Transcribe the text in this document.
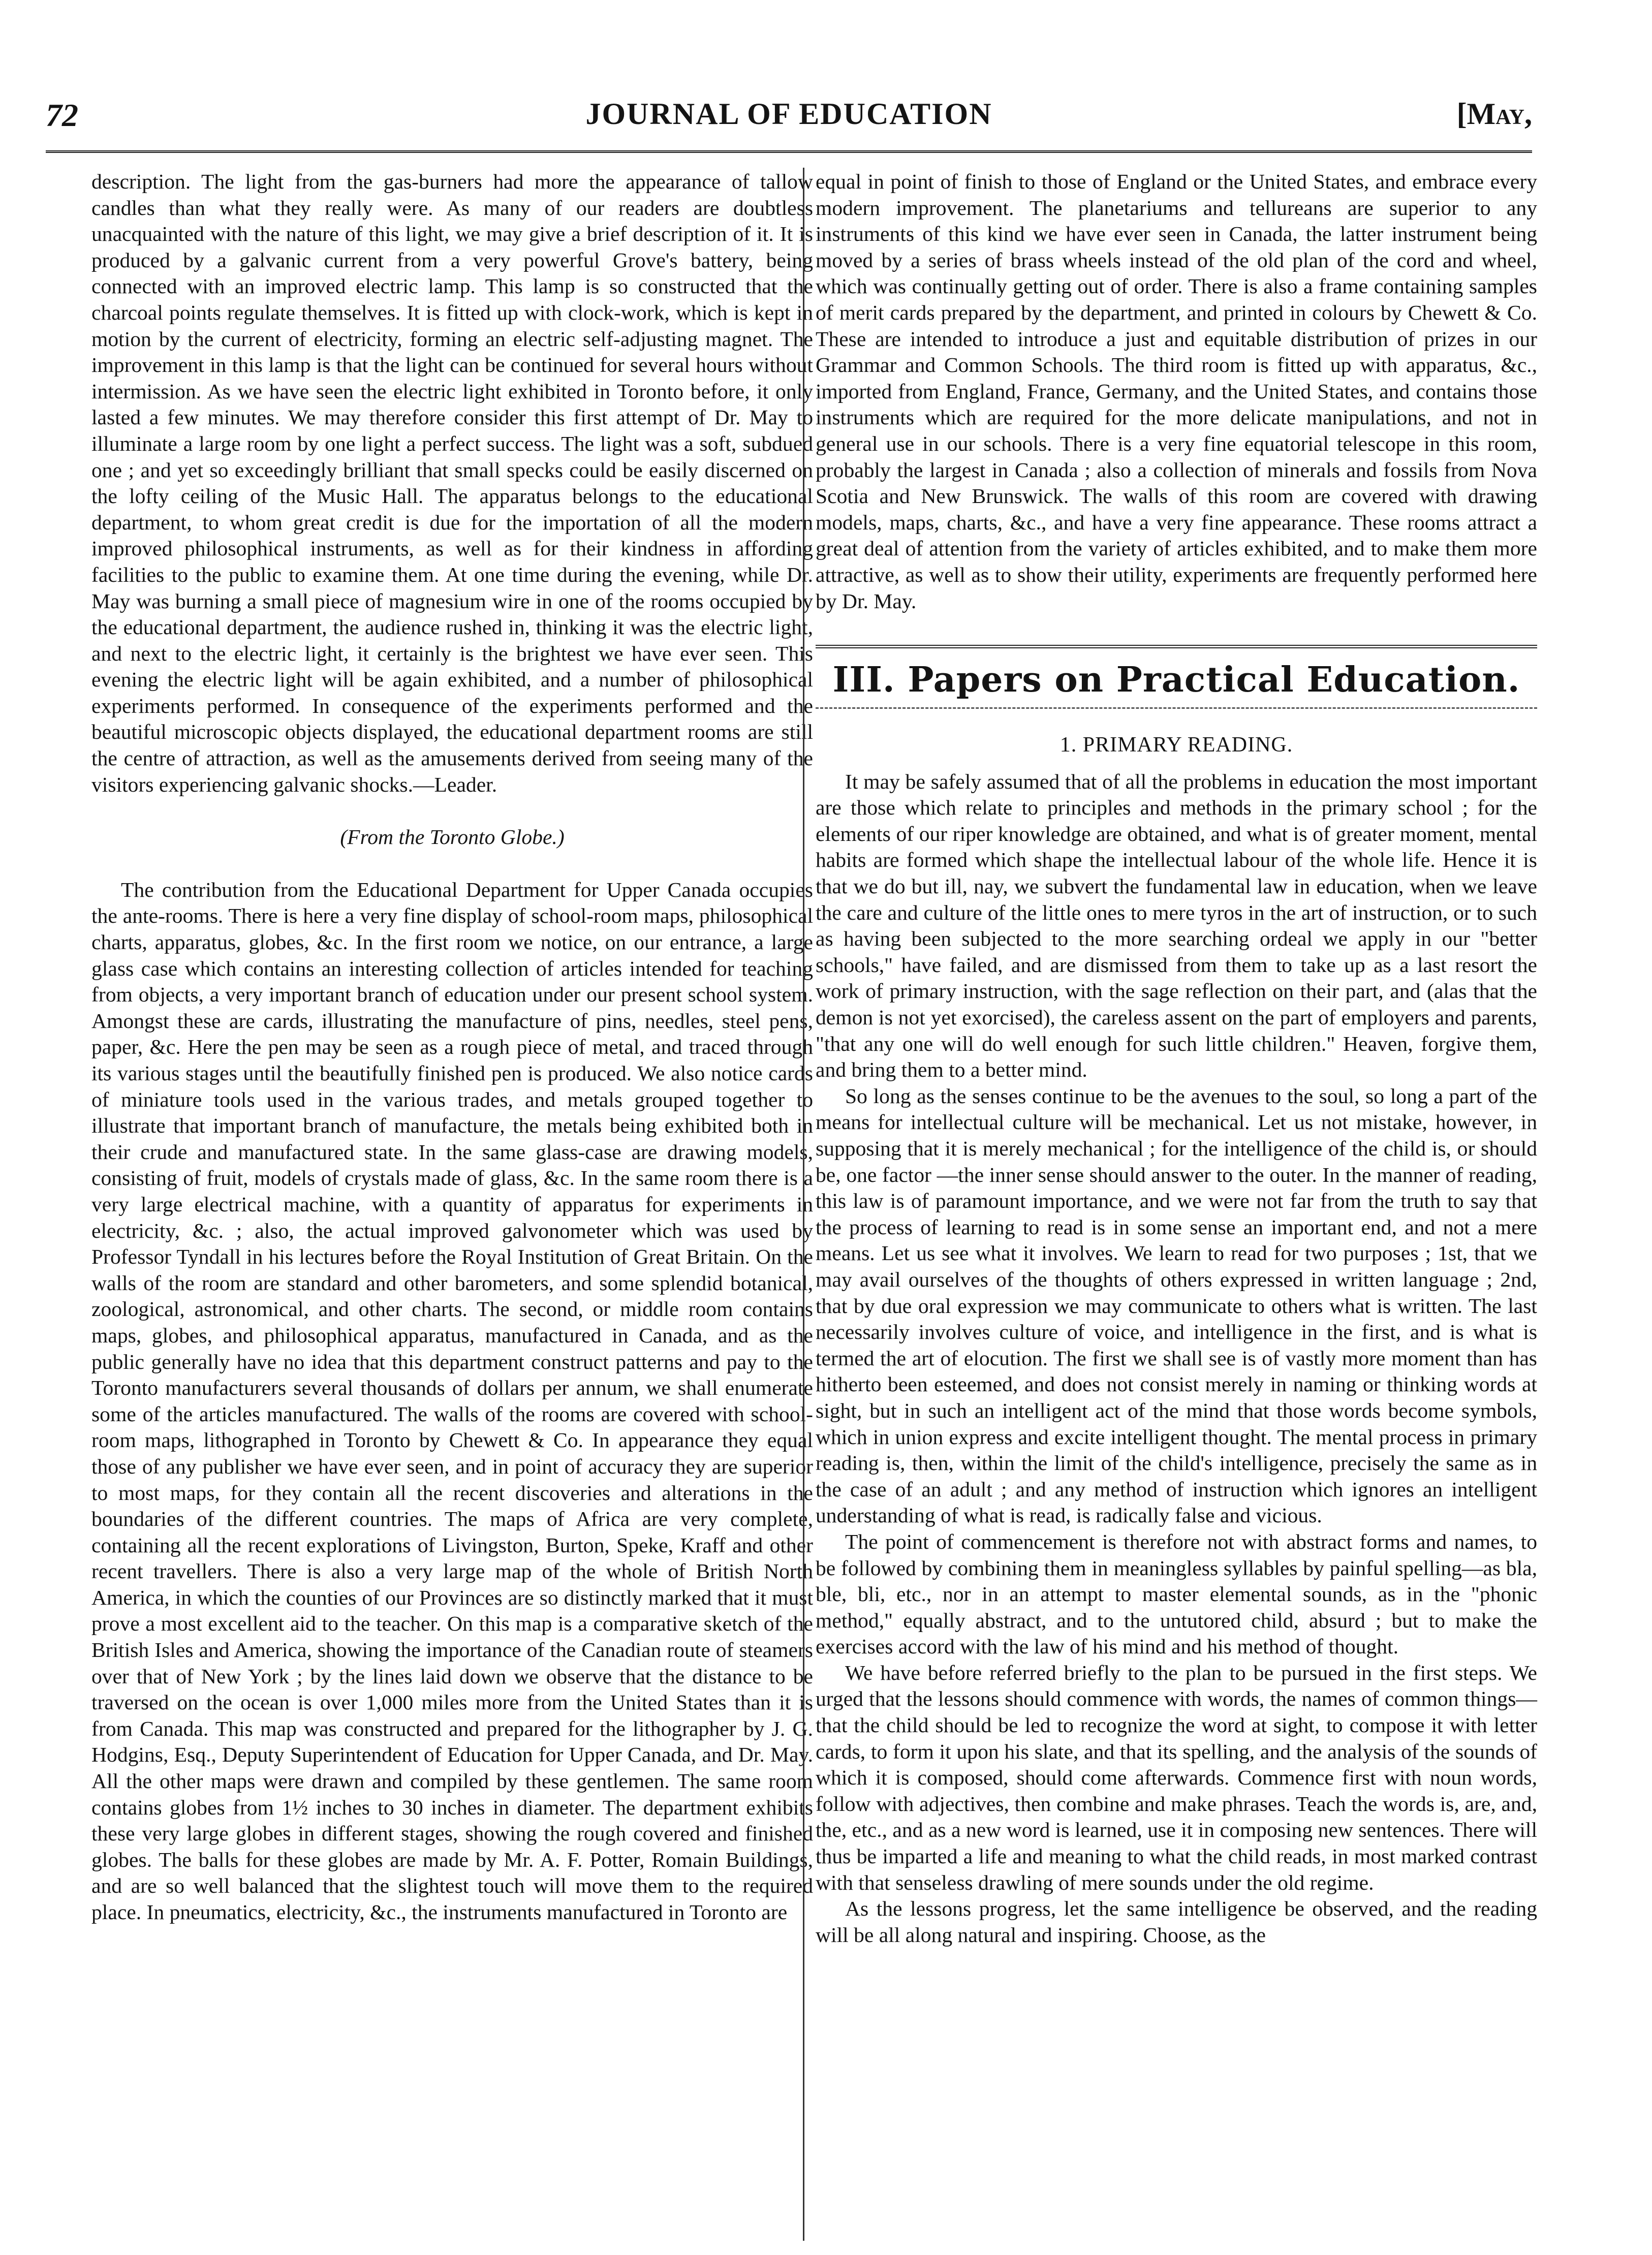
72	JOURNAL OF EDUCATION	[May,

description. The light from the gas-burners had more the appearance of tallow candles than what they really were. As many of our readers are doubtless unacquainted with the nature of this light, we may give a brief description of it. It is produced by a galvanic current from a very powerful Grove's battery, being connected with an improved electric lamp. This lamp is so constructed that the charcoal points regulate themselves. It is fitted up with clock-work, which is kept in motion by the current of electricity, forming an electric self-adjusting magnet. The improvement in this lamp is that the light can be continued for several hours without intermission. As we have seen the electric light exhibited in Toronto before, it only lasted a few minutes. We may therefore consider this first attempt of Dr. May to illuminate a large room by one light a perfect success. The light was a soft, subdued one ; and yet so exceedingly brilliant that small specks could be easily discerned on the lofty ceiling of the Music Hall. The apparatus belongs to the educational department, to whom great credit is due for the importation of all the modern improved philosophical instruments, as well as for their kindness in affording facilities to the public to examine them. At one time during the evening, while Dr. May was burning a small piece of magnesium wire in one of the rooms occupied by the educational department, the audience rushed in, thinking it was the electric light, and next to the electric light, it certainly is the brightest we have ever seen. This evening the electric light will be again exhibited, and a number of philosophical experiments performed. In consequence of the experiments performed and the beautiful microscopic objects displayed, the educational department rooms are still the centre of attraction, as well as the amusements derived from seeing many of the visitors experiencing galvanic shocks.—Leader.

(From the Toronto Globe.)

The contribution from the Educational Department for Upper Canada occupies the ante-rooms. There is here a very fine display of school-room maps, philosophical charts, apparatus, globes, &c. In the first room we notice, on our entrance, a large glass case which contains an interesting collection of articles intended for teaching from objects, a very important branch of education under our present school system. Amongst these are cards, illustrating the manufacture of pins, needles, steel pens, paper, &c. Here the pen may be seen as a rough piece of metal, and traced through its various stages until the beautifully finished pen is produced. We also notice cards of miniature tools used in the various trades, and metals grouped together to illustrate that important branch of manufacture, the metals being exhibited both in their crude and manufactured state. In the same glass-case are drawing models, consisting of fruit, models of crystals made of glass, &c. In the same room there is a very large electrical machine, with a quantity of apparatus for experiments in electricity, &c. ; also, the actual improved galvonometer which was used by Professor Tyndall in his lectures before the Royal Institution of Great Britain. On the walls of the room are standard and other barometers, and some splendid botanical, zoological, astronomical, and other charts. The second, or middle room contains maps, globes, and philosophical apparatus, manufactured in Canada, and as the public generally have no idea that this department construct patterns and pay to the Toronto manufacturers several thousands of dollars per annum, we shall enumerate some of the articles manufactured. The walls of the rooms are covered with school-room maps, lithographed in Toronto by Chewett & Co. In appearance they equal those of any publisher we have ever seen, and in point of accuracy they are superior to most maps, for they contain all the recent discoveries and alterations in the boundaries of the different countries. The maps of Africa are very complete, containing all the recent explorations of Livingston, Burton, Speke, Kraff and other recent travellers. There is also a very large map of the whole of British North America, in which the counties of our Provinces are so distinctly marked that it must prove a most excellent aid to the teacher. On this map is a comparative sketch of the British Isles and America, showing the importance of the Canadian route of steamers over that of New York ; by the lines laid down we observe that the distance to be traversed on the ocean is over 1,000 miles more from the United States than it is from Canada. This map was constructed and prepared for the lithographer by J. G. Hodgins, Esq., Deputy Superintendent of Education for Upper Canada, and Dr. May. All the other maps were drawn and compiled by these gentlemen. The same room contains globes from 1½ inches to 30 inches in diameter. The department exhibits these very large globes in different stages, showing the rough covered and finished globes. The balls for these globes are made by Mr. A. F. Potter, Romain Buildings, and are so well balanced that the slightest touch will move them to the required place. In pneumatics, electricity, &c., the instruments manufactured in Toronto are

equal in point of finish to those of England or the United States, and embrace every modern improvement. The planetariums and tellureans are superior to any instruments of this kind we have ever seen in Canada, the latter instrument being moved by a series of brass wheels instead of the old plan of the cord and wheel, which was continually getting out of order. There is also a frame containing samples of merit cards prepared by the department, and printed in colours by Chewett & Co. These are intended to introduce a just and equitable distribution of prizes in our Grammar and Common Schools. The third room is fitted up with apparatus, &c., imported from England, France, Germany, and the United States, and contains those instruments which are required for the more delicate manipulations, and not in general use in our schools. There is a very fine equatorial telescope in this room, probably the largest in Canada ; also a collection of minerals and fossils from Nova Scotia and New Brunswick. The walls of this room are covered with drawing models, maps, charts, &c., and have a very fine appearance. These rooms attract a great deal of attention from the variety of articles exhibited, and to make them more attractive, as well as to show their utility, experiments are frequently performed here by Dr. May.

III. Papers on Practical Education.
1. PRIMARY READING.

It may be safely assumed that of all the problems in education the most important are those which relate to principles and methods in the primary school ; for the elements of our riper knowledge are obtained, and what is of greater moment, mental habits are formed which shape the intellectual labour of the whole life. Hence it is that we do but ill, nay, we subvert the fundamental law in education, when we leave the care and culture of the little ones to mere tyros in the art of instruction, or to such as having been subjected to the more searching ordeal we apply in our "better schools," have failed, and are dismissed from them to take up as a last resort the work of primary instruction, with the sage reflection on their part, and (alas that the demon is not yet exorcised), the careless assent on the part of employers and parents, "that any one will do well enough for such little children." Heaven, forgive them, and bring them to a better mind.

So long as the senses continue to be the avenues to the soul, so long a part of the means for intellectual culture will be mechanical. Let us not mistake, however, in supposing that it is merely mechanical ; for the intelligence of the child is, or should be, one factor —the inner sense should answer to the outer. In the manner of reading, this law is of paramount importance, and we were not far from the truth to say that the process of learning to read is in some sense an important end, and not a mere means. Let us see what it involves. We learn to read for two purposes ; 1st, that we may avail ourselves of the thoughts of others expressed in written language ; 2nd, that by due oral expression we may communicate to others what is written. The last necessarily involves culture of voice, and intelligence in the first, and is what is termed the art of elocution. The first we shall see is of vastly more moment than has hitherto been esteemed, and does not consist merely in naming or thinking words at sight, but in such an intelligent act of the mind that those words become symbols, which in union express and excite intelligent thought. The mental process in primary reading is, then, within the limit of the child's intelligence, precisely the same as in the case of an adult ; and any method of instruction which ignores an intelligent understanding of what is read, is radically false and vicious.

The point of commencement is therefore not with abstract forms and names, to be followed by combining them in meaningless syllables by painful spelling—as bla, ble, bli, etc., nor in an attempt to master elemental sounds, as in the "phonic method," equally abstract, and to the untutored child, absurd ; but to make the exercises accord with the law of his mind and his method of thought.

We have before referred briefly to the plan to be pursued in the first steps. We urged that the lessons should commence with words, the names of common things—that the child should be led to recognize the word at sight, to compose it with letter cards, to form it upon his slate, and that its spelling, and the analysis of the sounds of which it is composed, should come afterwards. Commence first with noun words, follow with adjectives, then combine and make phrases. Teach the words is, are, and, the, etc., and as a new word is learned, use it in composing new sentences. There will thus be imparted a life and meaning to what the child reads, in most marked contrast with that senseless drawling of mere sounds under the old regime.

As the lessons progress, let the same intelligence be observed, and the reading will be all along natural and inspiring. Choose, as the
